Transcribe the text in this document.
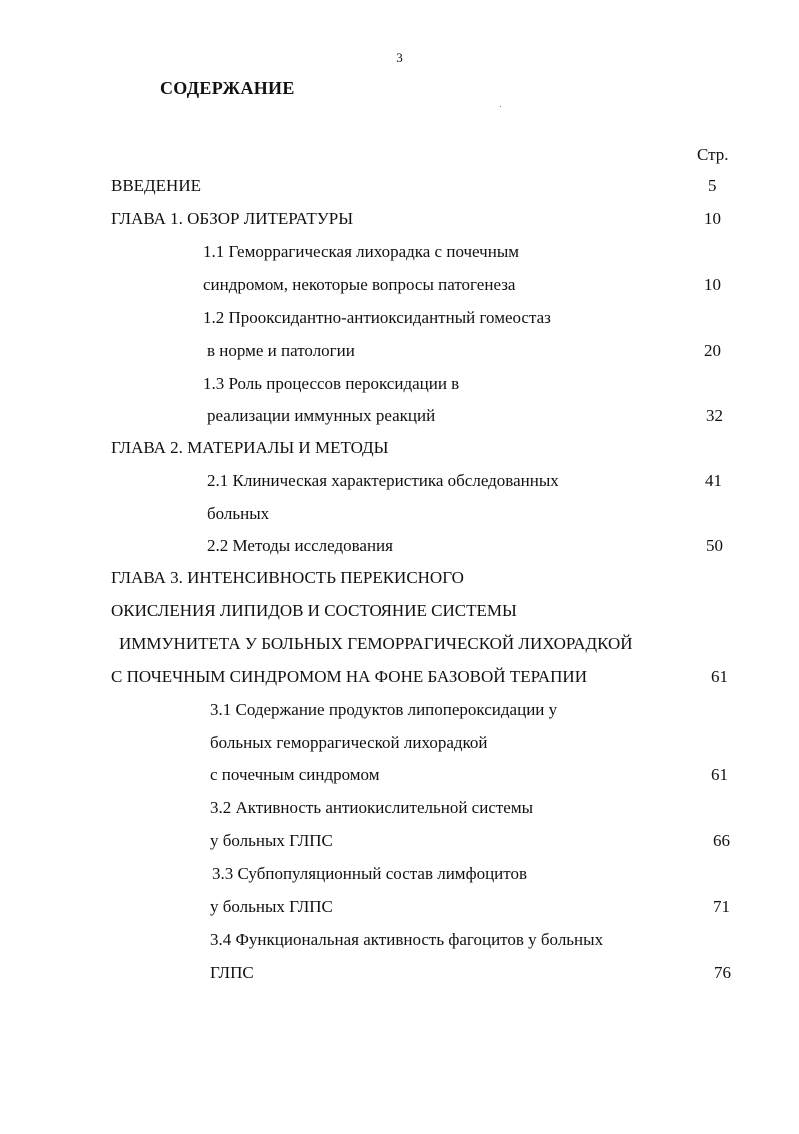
3
СОДЕРЖАНИЕ
Стр.
ВВЕДЕНИЕ
ГЛАВА 1. ОБЗОР ЛИТЕРАТУРЫ
1.1 Геморрагическая лихорадка с почечным
синдромом, некоторые вопросы патогенеза
1.2 Прооксидантно-антиоксидантный гомеостаз
в норме и патологии
1.3 Роль процессов пероксидации в
реализации иммунных реакций
ГЛАВА 2. МАТЕРИАЛЫ И МЕТОДЫ
2.1 Клиническая характеристика обследованных
больных
2.2 Методы исследования
ГЛАВА 3. ИНТЕНСИВНОСТЬ ПЕРЕКИСНОГО
ОКИСЛЕНИЯ ЛИПИДОВ И СОСТОЯНИЕ СИСТЕМЫ
ИММУНИТЕТА У БОЛЬНЫХ ГЕМОРРАГИЧЕСКОЙ ЛИХОРАДКОЙ
С ПОЧЕЧНЫМ СИНДРОМОМ НА ФОНЕ БАЗОВОЙ ТЕРАПИИ
3.1 Содержание продуктов липопероксидации у
больных геморрагической лихорадкой
с почечным синдромом
3.2 Активность антиокислительной системы
у больных ГЛПС
3.3 Субпопуляционный состав лимфоцитов
у больных ГЛПС
3.4 Функциональная активность фагоцитов у больных
ГЛПС
5
10
10
20
32
41
50
61
61
66
71
76
